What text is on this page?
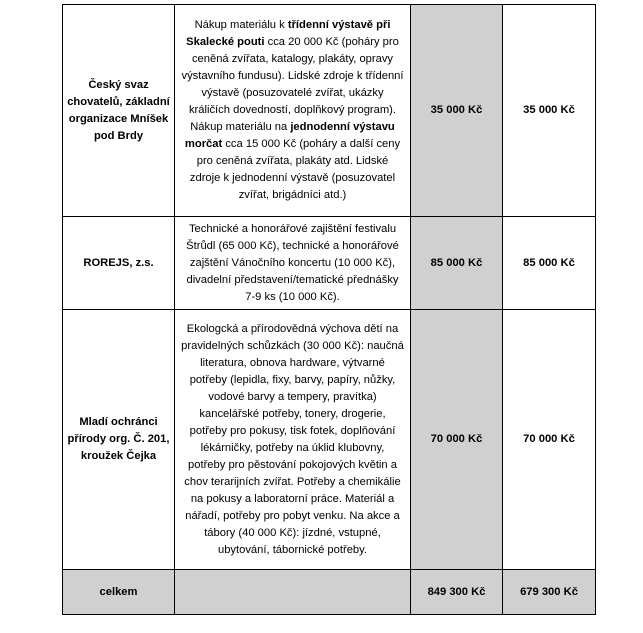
Český svaz chovatelů, základní organizace Mníšek pod Brdy	Nákup materiálu k třídenní výstavě při Skalecké pouti cca 20 000 Kč (poháry pro ceněná zvířata, katalogy, plakáty, opravy výstavního fundusu). Lidské zdroje k třídenní výstavě (posuzovatelé zvířat, ukázky králičích dovedností, doplňkový program). Nákup materiálu na jednodenní výstavu morčat cca 15 000 Kč (poháry a další ceny pro ceněná zvířata, plakáty atd. Lidské zdroje k jednodenní výstavě (posuzovatel zvířat, brigádníci atd.)	35 000 Kč	35 000 Kč
ROREJS, z.s.	Technické a honorářové zajištění festivalu Štrůdl (65 000 Kč), technické a honorářové zajštění Vánočního koncertu (10 000 Kč), divadelní představení/tematické přednášky 7-9 ks (10 000 Kč).	85 000 Kč	85 000 Kč
Mladí ochránci přírody org. Č. 201, kroužek Čejka	Ekologcká a přírodovědná výchova dětí na pravidelných schůzkách (30 000 Kč): naučná literatura, obnova hardware, výtvarné potřeby (lepidla, fixy, barvy, papíry, nůžky, vodové barvy a tempery, pravítka) kancelářské potřeby, tonery, drogerie, potřeby pro pokusy, tisk fotek, doplňování lékárničky, potřeby na úklid klubovny, potřeby pro pěstování pokojových květin a chov terarijních zvířat. Potřeby a chemikálie na pokusy a laboratorní práce. Materiál a nářadí, potřeby pro pobyt venku. Na akce a tábory (40 000 Kč): jízdné, vstupné, ubytování, tábornické potřeby.	70 000 Kč	70 000 Kč
celkem		849 300 Kč	679 300 Kč
